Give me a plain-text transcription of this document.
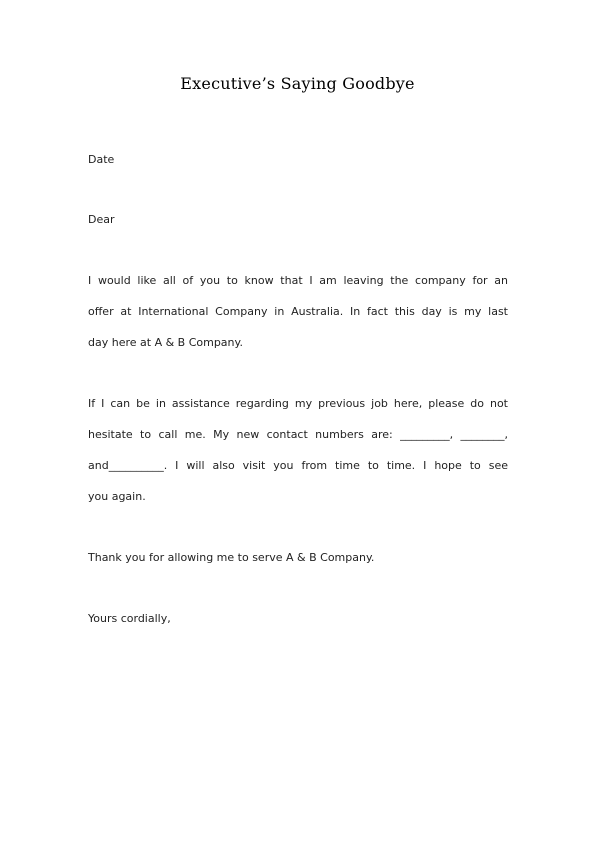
Executive’s Saying Goodbye
Date
Dear
I would like all of you to know that I am leaving the company for an
offer at International Company in Australia. In fact this day is my last
day here at A & B Company.
If I can be in assistance regarding my previous job here, please do not
hesitate to call me. My new contact numbers are: _________, ________,
and__________. I will also visit you from time to time. I hope to see
you again.
Thank you for allowing me to serve A & B Company.
Yours cordially,
